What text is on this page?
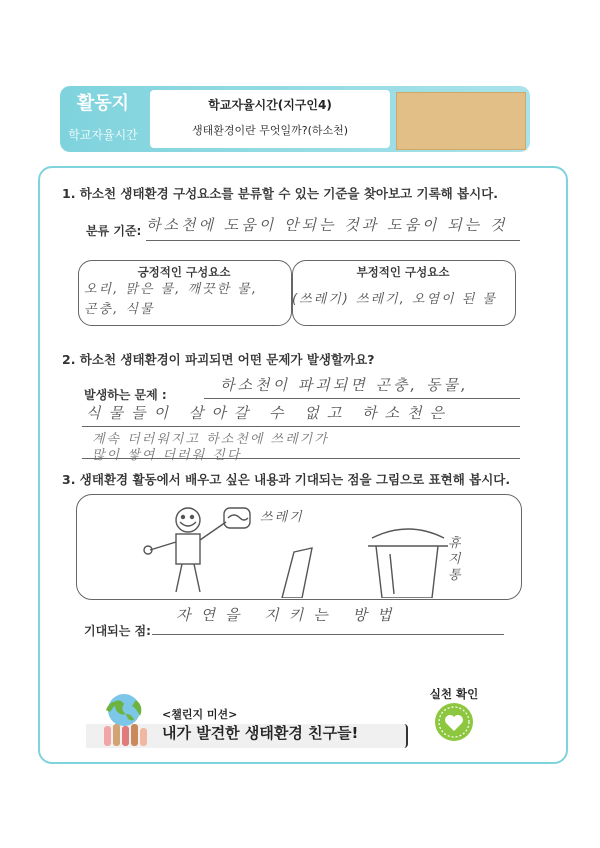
활동지
학교자율시간
학교자율시간(지구인4)
생태환경이란 무엇일까?(하소천)
1. 하소천 생태환경 구성요소를 분류할 수 있는 기준을 찾아보고 기록해 봅시다.
분류 기준: 하소천에 도움이 안되는 것과 도움이 되는 것
긍정적인 구성요소
오리, 맑은 물, 깨끗한 물,
곤충, 식물
부정적인 구성요소
(쓰레기) 쓰레기, 오염이 된 물
2. 하소천 생태환경이 파괴되면 어떤 문제가 발생할까요?
발생하는 문제 :
하소천이 파괴되면 곤충, 동물,
식물들이 살아갈 수 없고 하소천은
계속 더러워지고 하소천에 쓰레기가
많이 쌓여 더러워 진다
3. 생태환경 활동에서 배우고 싶은 내용과 기대되는 점을 그림으로 표현해 봅시다.
쓰레기
휴지통
기대되는 점:
자연을 지키는 방법
<챌린지 미션>
내가 발견한 생태환경 친구들!
실천 확인
